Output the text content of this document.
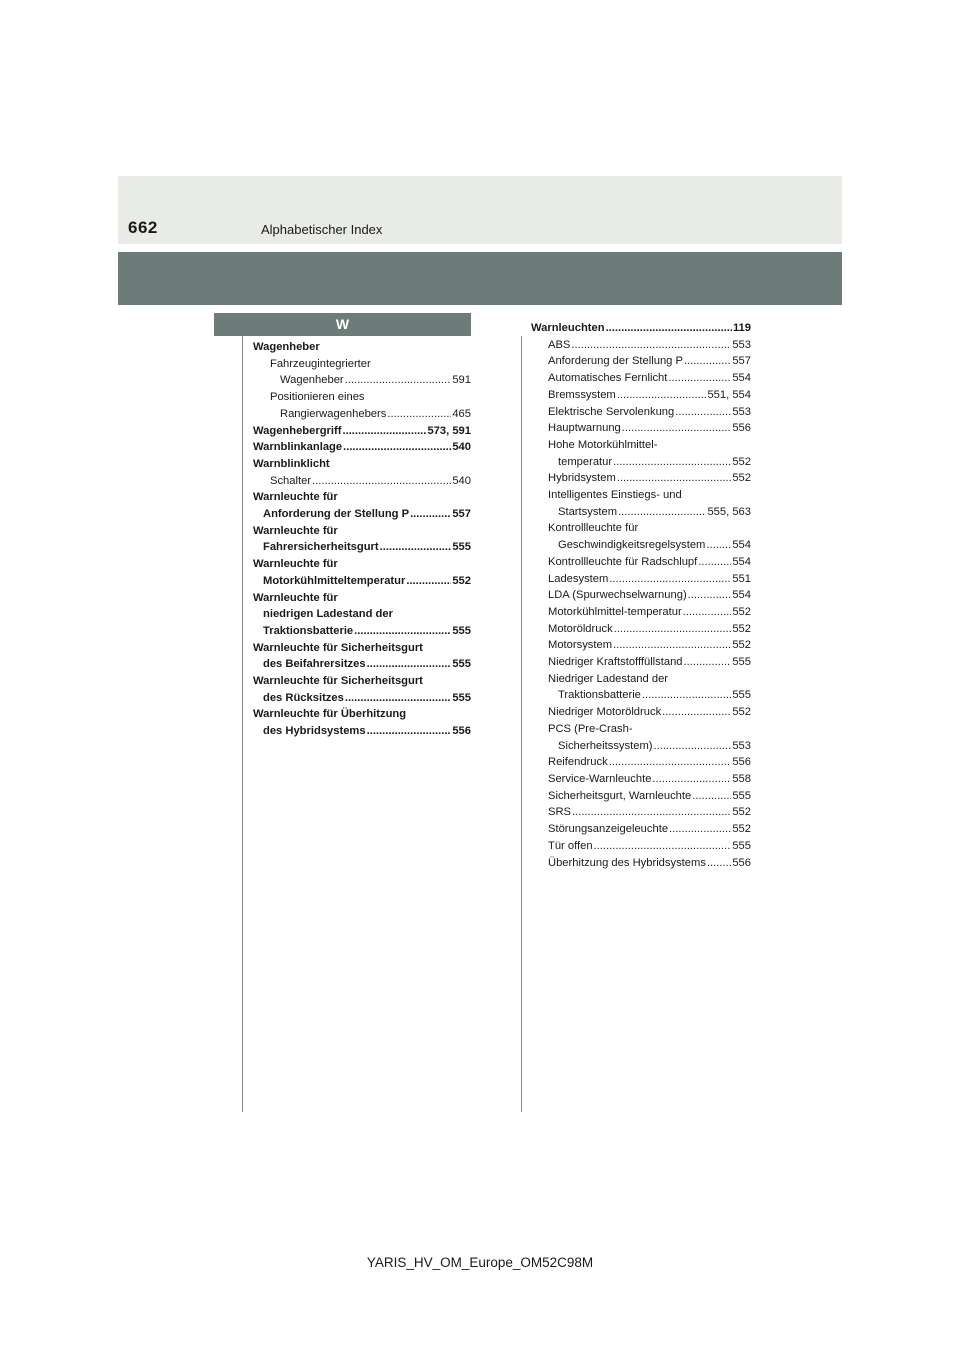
662	Alphabetischer Index
W
Wagenheber
Fahrzeugintegrierter
Wagenheber .....	591
Positionieren eines
Rangierwagenhebers .....	465
Wagenhebergriff .....	573, 591
Warnblinkanlage .....	540
Warnblinklicht
Schalter .....	540
Warnleuchte für
Anforderung der Stellung P .....	557
Warnleuchte für
Fahrersicherheitsgurt .....	555
Warnleuchte für
Motorkühlmitteltemperatur .....	552
Warnleuchte für
niedrigen Ladestand der
Traktionsbatterie .....	555
Warnleuchte für Sicherheitsgurt
des Beifahrersitzes .....	555
Warnleuchte für Sicherheitsgurt
des Rücksitzes .....	555
Warnleuchte für Überhitzung
des Hybridsystems .....	556
Warnleuchten .....	119
ABS .....	553
Anforderung der Stellung P .....	557
Automatisches Fernlicht .....	554
Bremssystem .....	551, 554
Elektrische Servolenkung .....	553
Hauptwarnung .....	556
Hohe Motorkühlmittel-
temperatur .....	552
Hybridsystem .....	552
Intelligentes Einstiegs- und
Startsystem .....	555, 563
Kontrollleuchte für
Geschwindigkeitsregelsystem ..... 554
Kontrollleuchte für Radschlupf .....	554
Ladesystem .....	551
LDA (Spurwechselwarnung) .....	554
Motorkühlmittel-temperatur .....	552
Motoröldruck .....	552
Motorsystem .....	552
Niedriger Kraftstofffüllstand .....	555
Niedriger Ladestand der
Traktionsbatterie .....	555
Niedriger Motoröldruck .....	552
PCS (Pre-Crash-
Sicherheitssystem) .....	553
Reifendruck .....	556
Service-Warnleuchte .....	558
Sicherheitsgurt, Warnleuchte .....	555
SRS .....	552
Störungsanzeigeleuchte .....	552
Tür offen .....	555
Überhitzung des Hybridsystems ..... 556
YARIS_HV_OM_Europe_OM52C98M
